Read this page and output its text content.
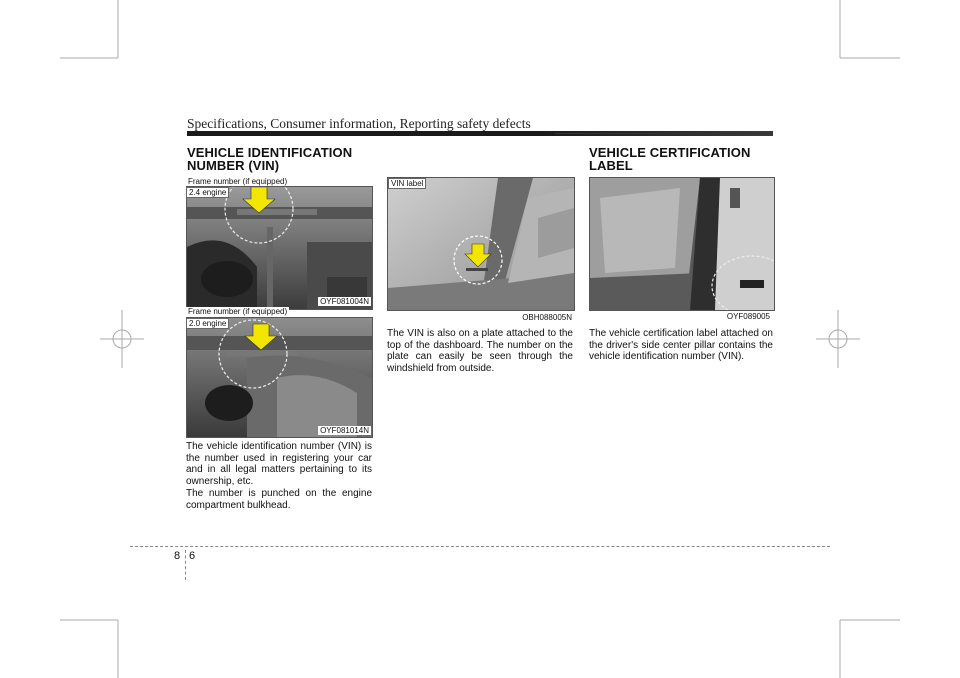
Specifications, Consumer information, Reporting safety defects
VEHICLE IDENTIFICATION
NUMBER (VIN)
Frame number (if equipped)
2.4 engine
OYF081004N
Frame number (if equipped)
2.0 engine
OYF081014N
The vehicle identification number (VIN) is the number used in registering your car and in all legal matters pertaining to its ownership, etc.
The number is punched on the engine compartment bulkhead.
VIN label
OBH088005N
The VIN is also on a plate attached to the top of the dashboard. The number on the plate can easily be seen through the windshield from outside.
VEHICLE CERTIFICATION
LABEL
OYF089005
The vehicle certification label attached on the driver's side center pillar contains the vehicle identification number (VIN).
8 6
